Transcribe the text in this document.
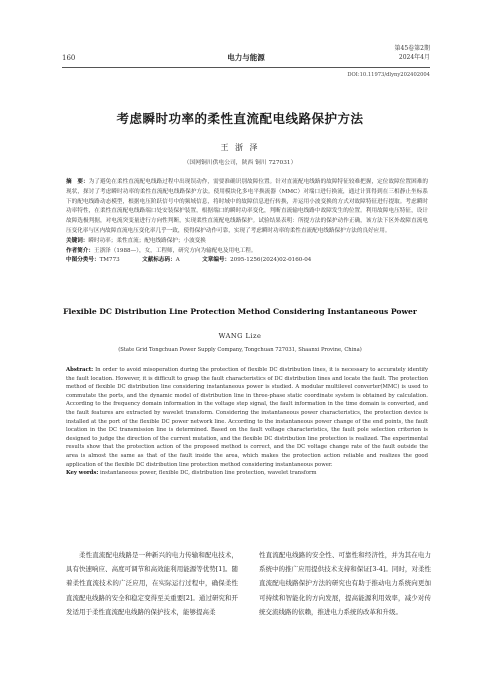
160	电力与能源
第45卷第2期
2024年4月
DOI:10.11973/dlyny202402004
考虑瞬时功率的柔性直流配电线路保护方法
王 浙 泽
（国网铜川供电公司，陕西 铜川 727031）
摘　要：为了避免在柔性直流配电线路过程中出现误动作，需要准确识别故障位置。针对直流配电线路的故障特征较难把握，定位故障位置困难的现状，探讨了考虑瞬时功率的柔性直流配电线路保护方法。使用模块化多电平换流器（MMC）对端口进行换流，通过计算得到在三相静止坐标系下的配电线路动态模型，根据电压阶跃信号中的频域信息，将时域中的故障信息进行转换，并运用小波变换的方式对故障特征进行提取。考虑瞬时功率特性，在柔性直流配电线路端口处安装保护装置，根据端口的瞬时功率变化，判断直流输电线路中故障发生的位置。利用故障电压特征，设计故障选极判据，对电流突变量进行方向性判断，实现柔性直流配电线路保护。试验结果表明：所提方法的保护动作正确，该方法下区外故障直流电压变化率与区内故障直流电压变化率几乎一致，使得保护动作可靠，实现了考虑瞬时功率的柔性直流配电线路保护方法的良好应用。
关键词：瞬时功率；柔性直流；配电线路保护；小波变换
作者简介：王浙泽（1988—），女，工程师，研究方向为输配电及用电工程。
中图分类号：TM773　　　　	文献标志码：A　　　　	文章编号：2095-1256(2024)02-0160-04
Flexible DC Distribution Line Protection Method Considering Instantaneous Power
WANG Lize
(State Grid Tongchuan Power Supply Company, Tongchuan 727031, Shaanxi Provine, China)
Abstract: In order to avoid misoperation during the protection of flexible DC distribution lines, it is necessary to accurately identify the fault location. However, it is difficult to grasp the fault characteristics of DC distribution lines and locate the fault. The protection method of flexible DC distribution line considering instantaneous power is studied. A modular multilevel converter(MMC) is used to commutate the ports, and the dynamic model of distribution line in three-phase static coordinate system is obtained by calculation. According to the frequency domain information in the voltage step signal, the fault information in the time domain is converted, and the fault features are extracted by wavelet transform. Considering the instantaneous power characteristics, the protection device is installed at the port of the flexible DC power network line. According to the instantaneous power change of the end points, the fault location in the DC transmission line is determined. Based on the fault voltage characteristics, the fault pole selection criterion is designed to judge the direction of the current mutation, and the flexible DC distribution line protection is realized. The experimental results show that the protection action of the proposed method is correct, and the DC voltage change rate of the fault outside the area is almost the same as that of the fault inside the area, which makes the protection action reliable and realizes the good application of the flexible DC distribution line protection method considering instantaneous power.
Key words: instantaneous power, flexible DC, distribution line protection, wavelet transform
柔性直流配电线路是一种新兴的电力传输和配电技术，具有快速响应、高度可调节和高效能利用能源等优势[1]。随着柔性直流技术的广泛应用，在实际运行过程中，确保柔性直流配电线路的安全和稳定变得至关重要[2]。通过研究和开发适用于柔性直流配电线路的保护技术，能够提高柔
性直流配电线路的安全性、可靠性和经济性，并为其在电力系统中的推广应用提供技术支持和保证[3-4]。同时，对柔性直流配电线路保护方法的研究也有助于推动电力系统向更加可持续和智能化的方向发展，提高能源利用效率，减少对传统交流线路的依赖，推进电力系统的改革和升级。
